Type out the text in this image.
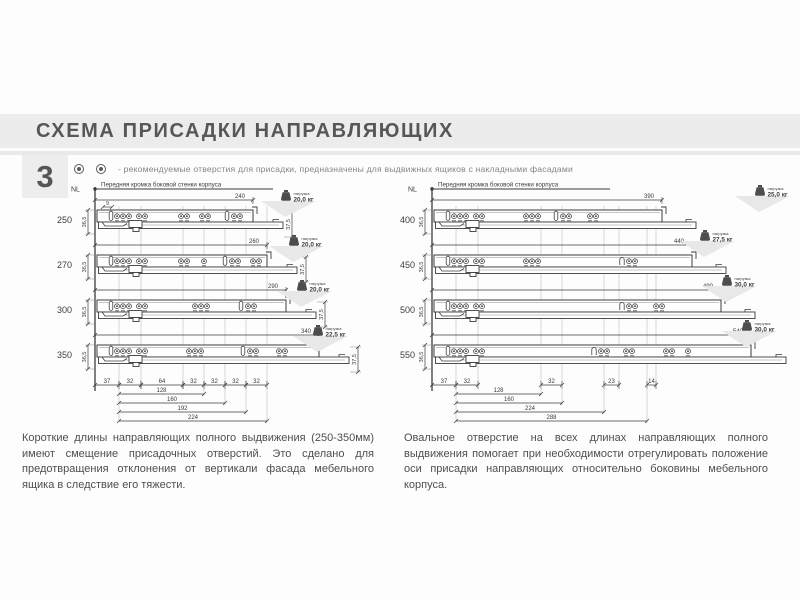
СХЕМА ПРИСАДКИ НАПРАВЛЯЮЩИХ
3	- рекомендуемые отверстия для присадки, предназначены для выдвижных ящиков с накладными фасадами
NL
Передняя кромка боковой стенки корпуса
250
240
9
36,5	37,5
нагрузка
20,0 кг
270
260
36,5	37,5
нагрузка
20,0 кг
300
290
36,5	37,5
нагрузка
20,0 кг
350
340
36,5	37,5
нагрузка
22,5 кг
37	32	64	32 32 32 32
128
160
192
224
NL
Передняя кромка боковой стенки корпуса
400
390
36,5
нагрузка
25,0 кг
450
440
36,5
нагрузка
27,5 кг
500 36,5
нагрузка
30,0 кг
550 36,5
нагрузка
30,0 кг
37	32	32	23	14
128
160
224
288

Короткие длины направляющих полного выдвижения (250-350мм) имеют смещение присадочных отверстий. Это сделано для предотвращения отклонения от вертикали фасада мебельного ящика в следствие его тяжести.

Овальное отверстие на всех длинах направляющих полного выдвижения помогает при необходимости отрегулировать положение оси присадки направляющих относительно боковины мебельного корпуса.
